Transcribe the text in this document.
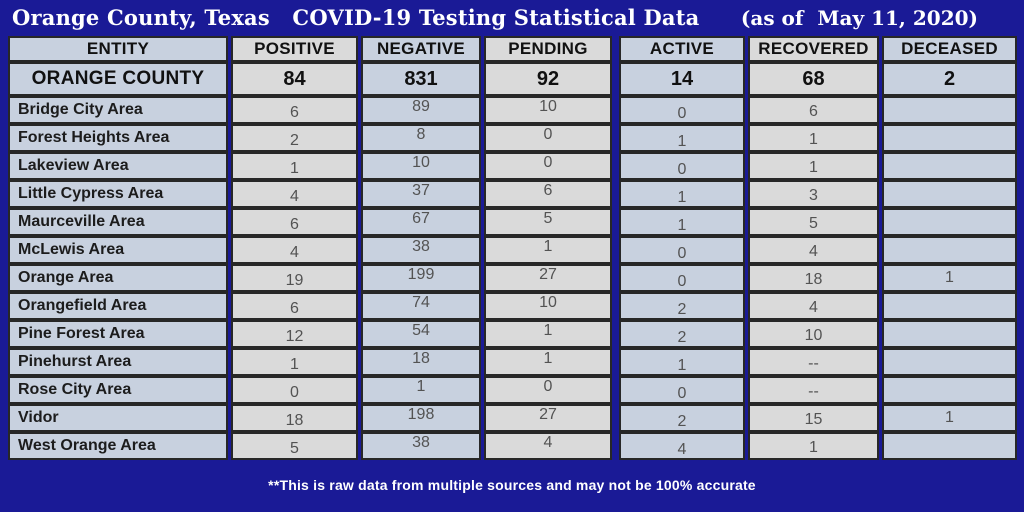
Orange County, Texas   COVID-19 Testing Statistical Data (as of  May 11, 2020)
ENTITY
ORANGE COUNTY
Bridge City Area
Forest Heights Area
Lakeview Area
Little Cypress Area
Maurceville Area
McLewis Area
Orange Area
Orangefield Area
Pine Forest Area
Pinehurst Area
Rose City Area
Vidor
West Orange Area
POSITIVE
84
6
2
1
4
6
4
19
6
12
1
0
18
5
NEGATIVE
831
89
8
10
37
67
38
199
74
54
18
1
198
38
PENDING
92
10
0
0
6
5
1
27
10
1
1
0
27
4
ACTIVE
14
0
1
0
1
1
0
0
2
2
1
0
2
4
RECOVERED
68
6
1
1
3
5
4
18
4
10
--
--
15
1
DECEASED
2
1
1
**This is raw data from multiple sources and may not be 100% accurate
